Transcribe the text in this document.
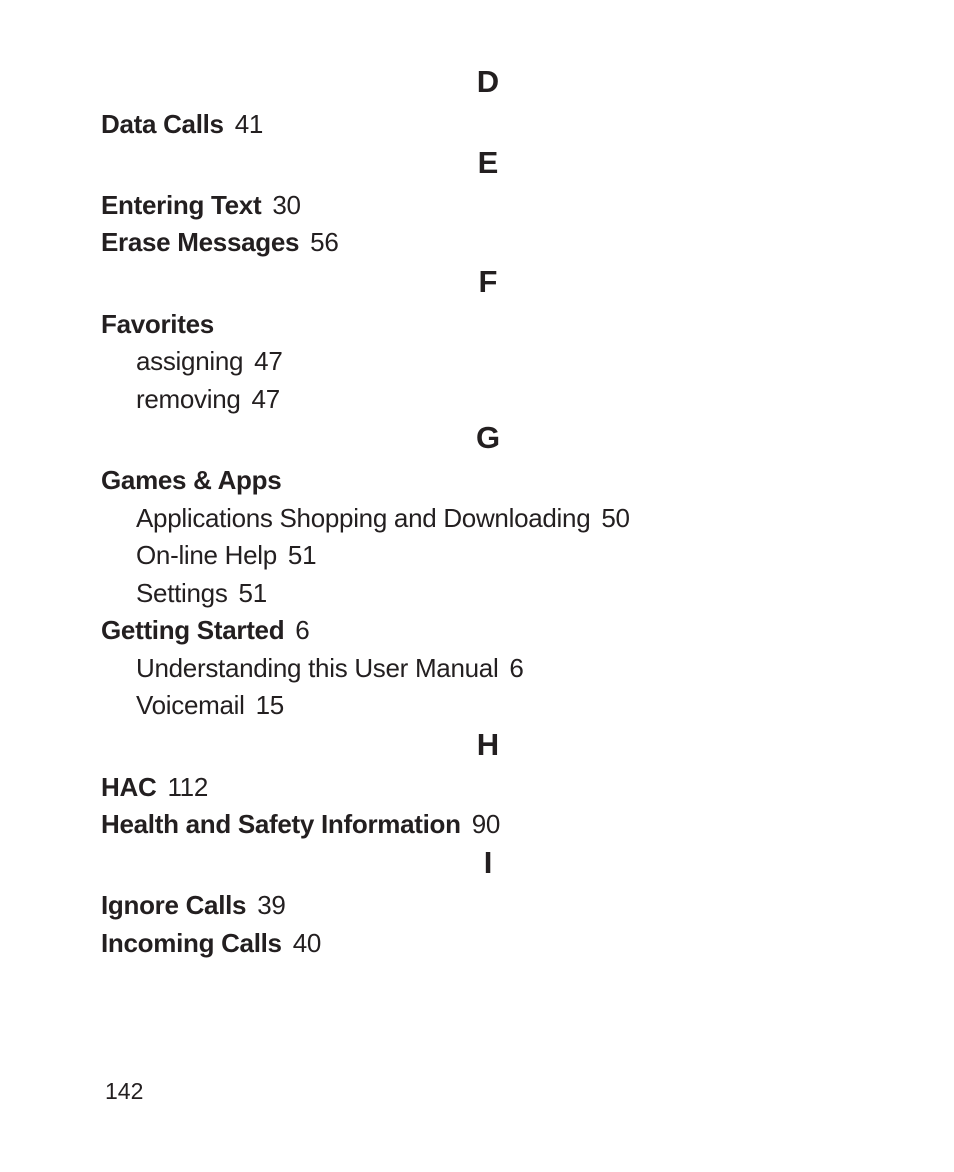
D
Data Calls 41
E
Entering Text 30
Erase Messages 56
F
Favorites
assigning 47
removing 47
G
Games & Apps
Applications Shopping and Downloading 50
On-line Help 51
Settings 51
Getting Started 6
Understanding this User Manual 6
Voicemail 15
H
HAC 112
Health and Safety Information 90
I
Ignore Calls 39
Incoming Calls 40
142
